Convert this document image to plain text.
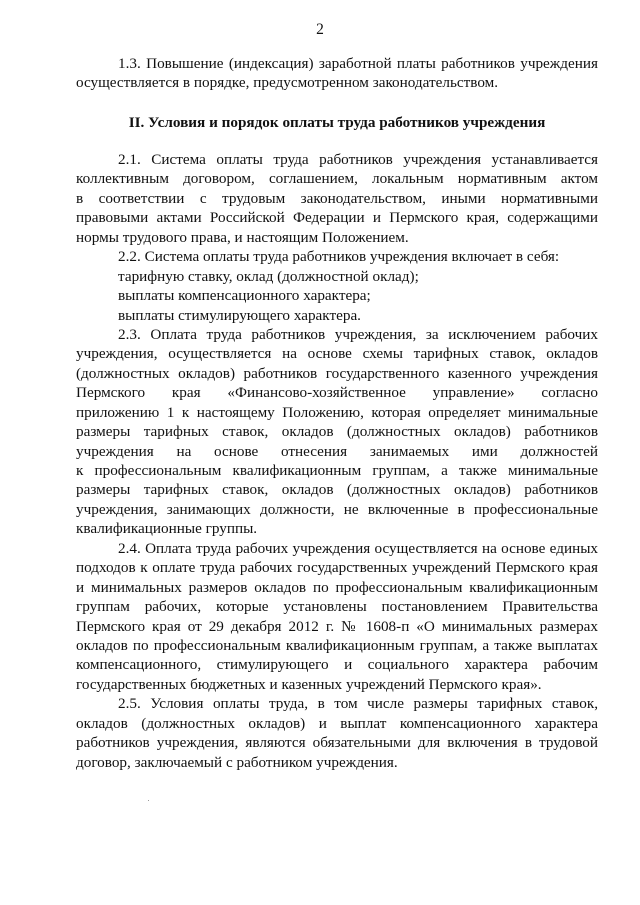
2

1.3. Повышение (индексация) заработной платы работников учреждения
осуществляется в порядке, предусмотренном законодательством.

II. Условия и порядок оплаты труда работников учреждения

2.1. Система оплаты труда работников учреждения устанавливается
коллективным договором, соглашением, локальным нормативным актом
в соответствии с трудовым законодательством, иными нормативными
правовыми актами Российской Федерации и Пермского края, содержащими
нормы трудового права, и настоящим Положением.

2.2. Система оплаты труда работников учреждения включает в себя:
тарифную ставку, оклад (должностной оклад);
выплаты компенсационного характера;
выплаты стимулирующего характера.

2.3. Оплата труда работников учреждения, за исключением рабочих
учреждения, осуществляется на основе схемы тарифных ставок, окладов
(должностных окладов) работников государственного казенного учреждения
Пермского края «Финансово-хозяйственное управление» согласно
приложению 1 к настоящему Положению, которая определяет минимальные
размеры тарифных ставок, окладов (должностных окладов) работников
учреждения на основе отнесения занимаемых ими должностей
к профессиональным квалификационным группам, а также минимальные
размеры тарифных ставок, окладов (должностных окладов) работников
учреждения, занимающих должности, не включенные в профессиональные
квалификационные группы.

2.4. Оплата труда рабочих учреждения осуществляется на основе единых
подходов к оплате труда рабочих государственных учреждений Пермского края
и минимальных размеров окладов по профессиональным квалификационным
группам рабочих, которые установлены постановлением Правительства
Пермского края от 29 декабря 2012 г. № 1608-п «О минимальных размерах
окладов по профессиональным квалификационным группам, а также выплатах
компенсационного, стимулирующего и социального характера рабочим
государственных бюджетных и казенных учреждений Пермского края».

2.5. Условия оплаты труда, в том числе размеры тарифных ставок,
окладов (должностных окладов) и выплат компенсационного характера
работников учреждения, являются обязательными для включения в трудовой
договор, заключаемый с работником учреждения.
